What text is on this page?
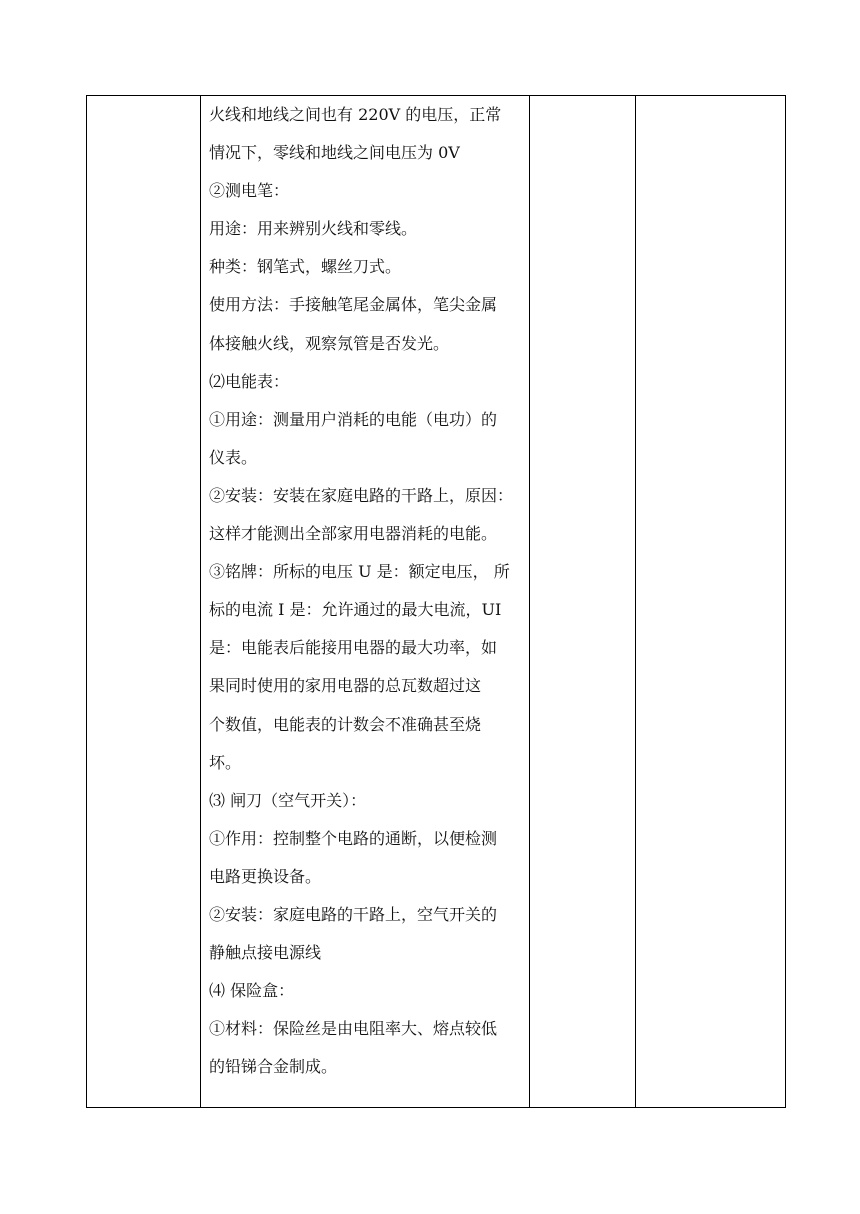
火线和地线之间也有 220V 的电压，正常
情况下，零线和地线之间电压为 0V
②测电笔：
用途：用来辨别火线和零线。
种类：钢笔式，螺丝刀式。
使用方法：手接触笔尾金属体，笔尖金属
体接触火线，观察氖管是否发光。
⑵电能表：
①用途：测量用户消耗的电能（电功）的
仪表。
②安装：安装在家庭电路的干路上，原因：
这样才能测出全部家用电器消耗的电能。
③铭牌：所标的电压 U 是：额定电压， 所
标的电流 I 是：允许通过的最大电流，UI
是：电能表后能接用电器的最大功率，如
果同时使用的家用电器的总瓦数超过这
个数值，电能表的计数会不准确甚至烧
坏。
⑶ 闸刀（空气开关）：
①作用：控制整个电路的通断，以便检测
电路更换设备。
②安装：家庭电路的干路上，空气开关的
静触点接电源线
⑷ 保险盒：
①材料：保险丝是由电阻率大、熔点较低
的铅锑合金制成。
